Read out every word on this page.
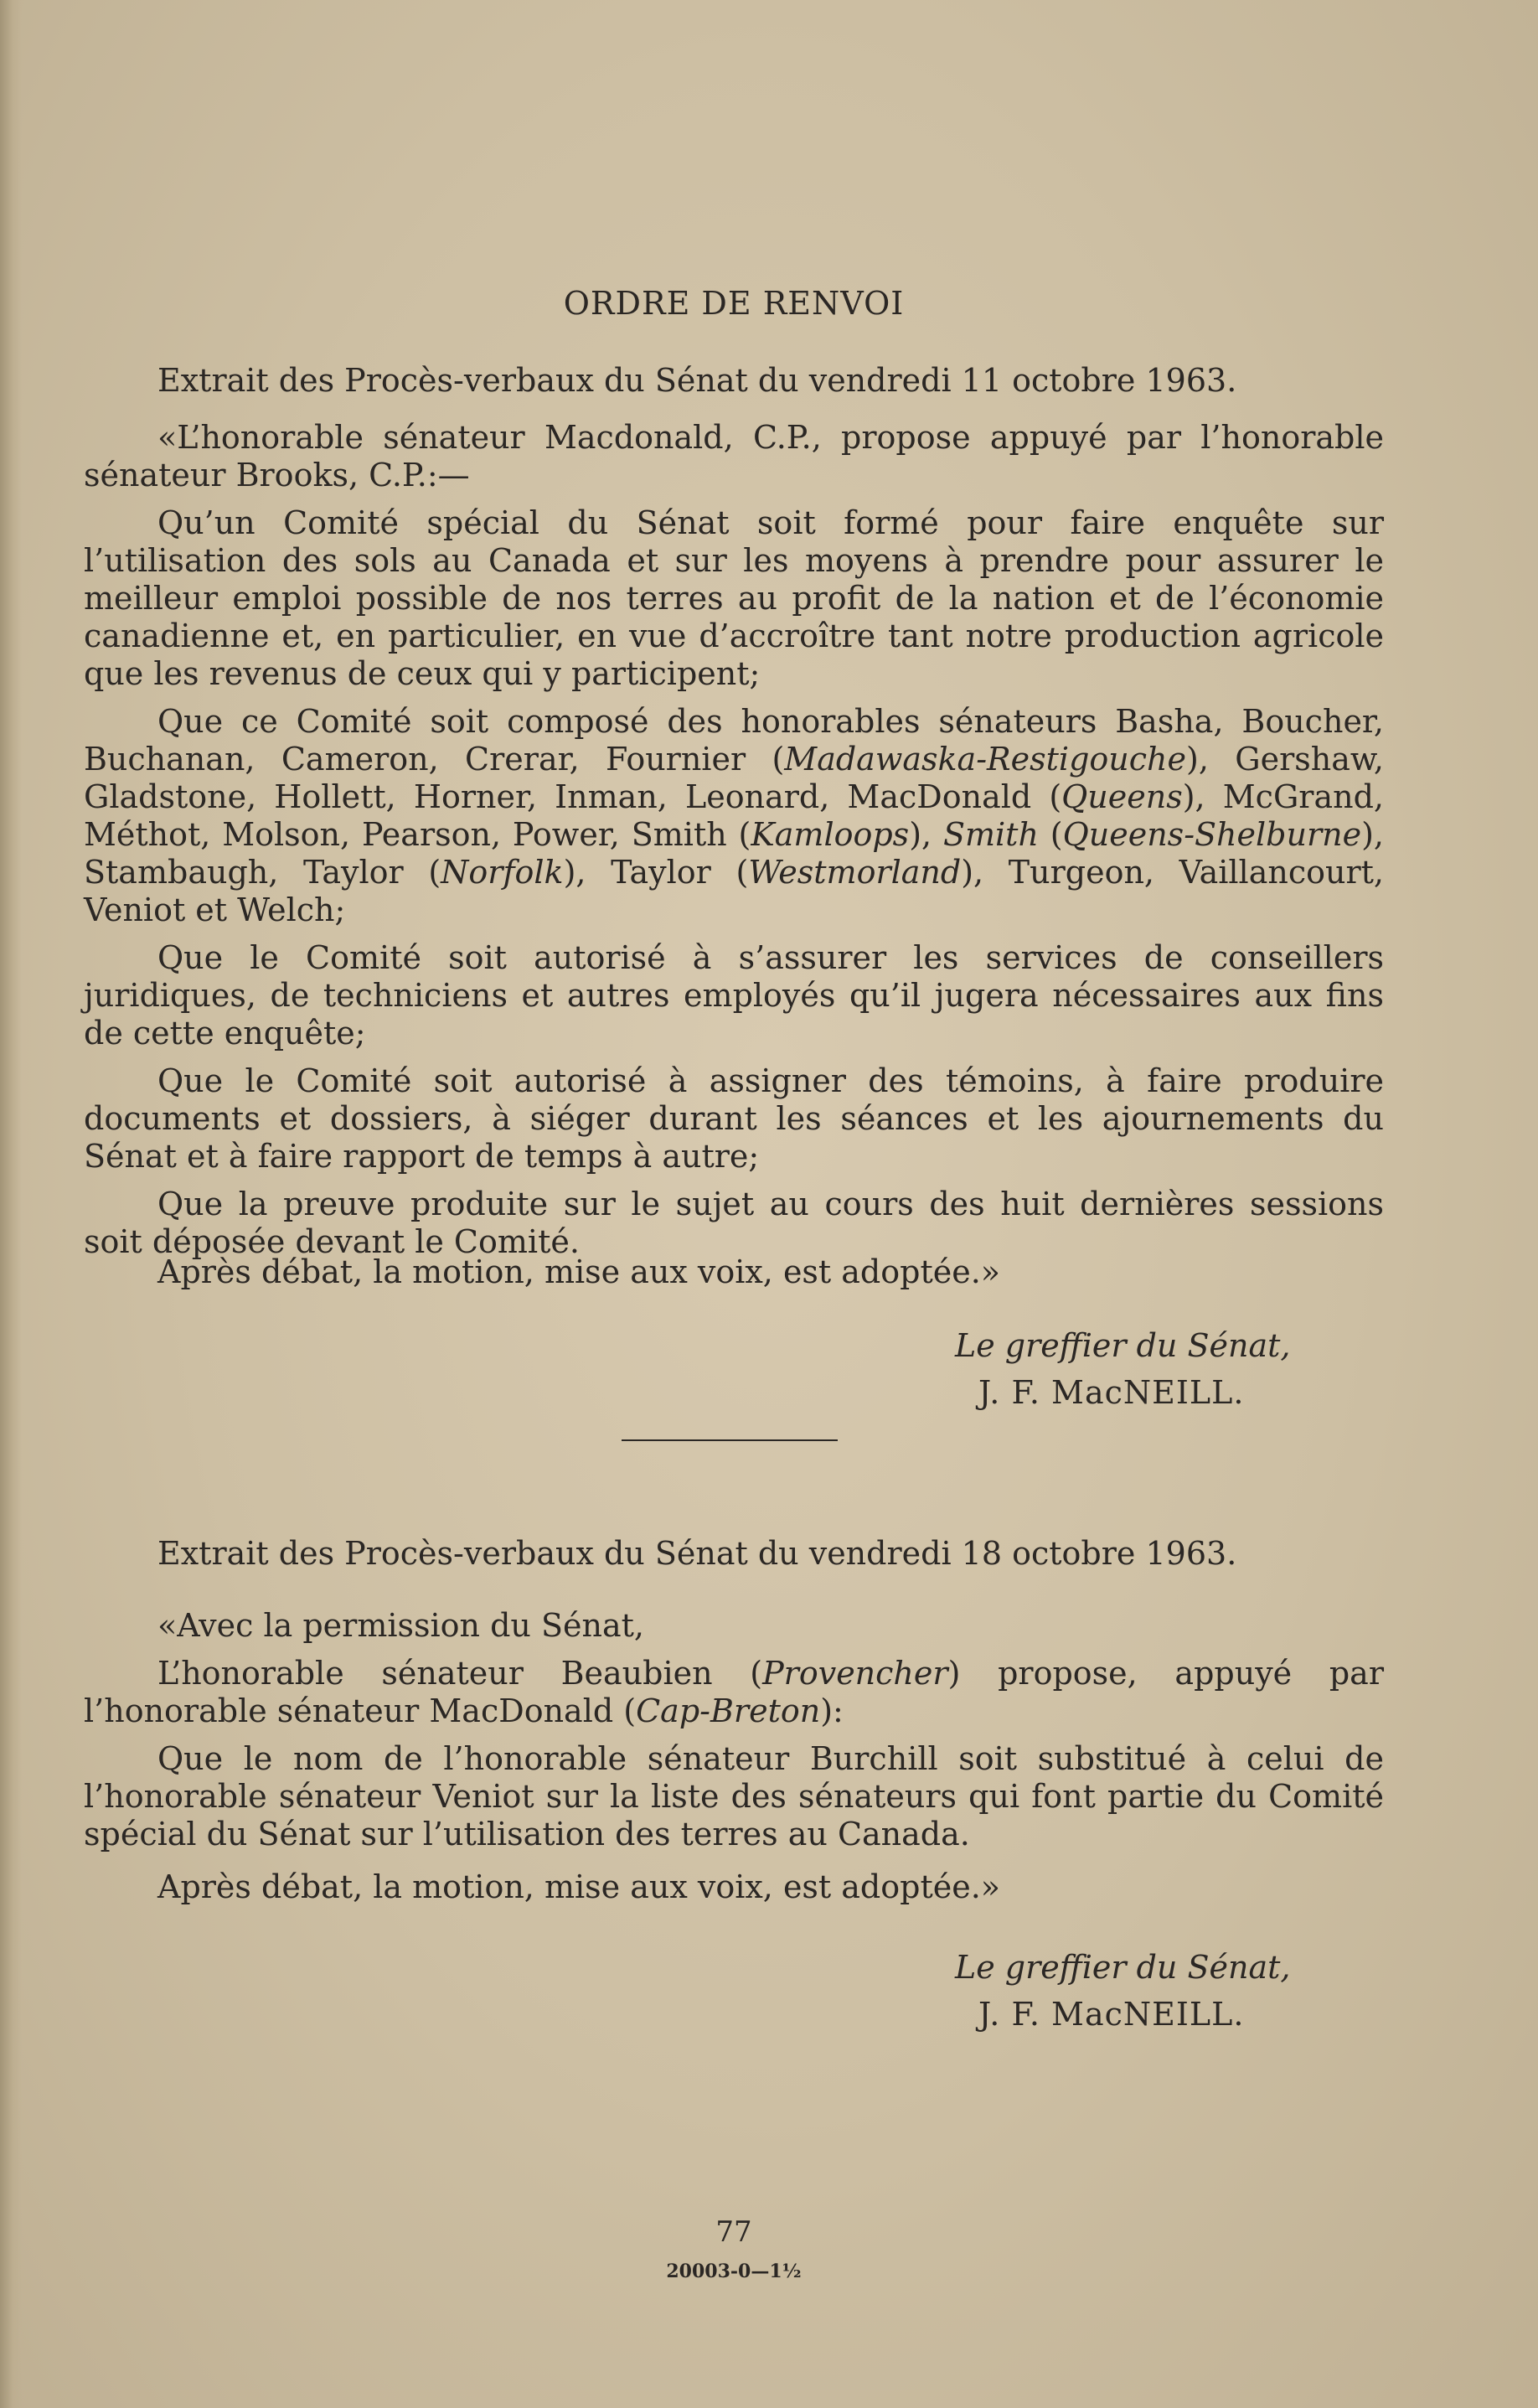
ORDRE DE RENVOI
Extrait des Procès-verbaux du Sénat du vendredi 11 octobre 1963.

«L’honorable sénateur Macdonald, C.P., propose appuyé par l’honorable sénateur Brooks, C.P.:—

Qu’un Comité spécial du Sénat soit formé pour faire enquête sur l’utilisation des sols au Canada et sur les moyens à prendre pour assurer le meilleur emploi possible de nos terres au profit de la nation et de l’économie canadienne et, en particulier, en vue d’accroître tant notre production agricole que les revenus de ceux qui y participent;

Que ce Comité soit composé des honorables sénateurs Basha, Boucher, Buchanan, Cameron, Crerar, Fournier (Madawaska-Restigouche), Gershaw, Gladstone, Hollett, Horner, Inman, Leonard, MacDonald (Queens), McGrand, Méthot, Molson, Pearson, Power, Smith (Kamloops), Smith (Queens-Shelburne), Stambaugh, Taylor (Norfolk), Taylor (Westmorland), Turgeon, Vaillancourt, Veniot et Welch;

Que le Comité soit autorisé à s’assurer les services de conseillers juridiques, de techniciens et autres employés qu’il jugera nécessaires aux fins de cette enquête;

Que le Comité soit autorisé à assigner des témoins, à faire produire documents et dossiers, à siéger durant les séances et les ajournements du Sénat et à faire rapport de temps à autre;

Que la preuve produite sur le sujet au cours des huit dernières sessions soit déposée devant le Comité.

Après débat, la motion, mise aux voix, est adoptée.»
Le greffier du Sénat,
J. F. MacNEILL.
Extrait des Procès-verbaux du Sénat du vendredi 18 octobre 1963.

«Avec la permission du Sénat,

L’honorable sénateur Beaubien (Provencher) propose, appuyé par l’honorable sénateur MacDonald (Cap-Breton):

Que le nom de l’honorable sénateur Burchill soit substitué à celui de l’honorable sénateur Veniot sur la liste des sénateurs qui font partie du Comité spécial du Sénat sur l’utilisation des terres au Canada.

Après débat, la motion, mise aux voix, est adoptée.»
Le greffier du Sénat,
J. F. MacNEILL.
77
20003-0—1½
